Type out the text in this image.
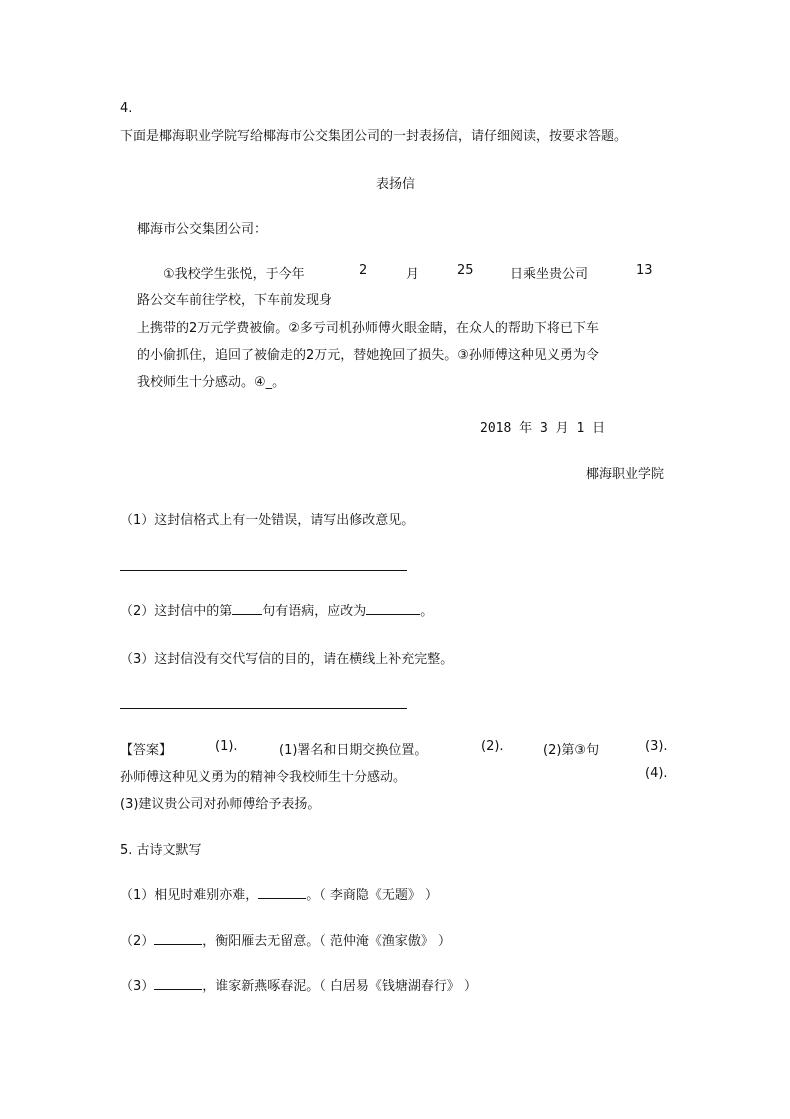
4.
下面是椰海职业学院写给椰海市公交集团公司的一封表扬信，请仔细阅读，按要求答题。
表扬信
椰海市公交集团公司：
①我校学生张悦，于今年	2	月	25	日乘坐贵公司	13
路公交车前往学校，下车前发现身
上携带的2万元学费被偷。②多亏司机孙师傅火眼金睛，在众人的帮助下将已下车
的小偷抓住，追回了被偷走的2万元，替她挽回了损失。③孙师傅这种见义勇为令
我校师生十分感动。④_。
2018 年 3 月 1 日
椰海职业学院
（1）这封信格式上有一处错误，请写出修改意见。
（2）这封信中的第 句有语病，应改为	。
（3）这封信没有交代写信的目的，请在横线上补充完整。
【答案】	(1).	(1)署名和日期交换位置。	(2).	(2)第③句	(3).
孙师傅这种见义勇为的精神令我校师生十分感动。	(4).
(3)建议贵公司对孙师傅给予表扬。
5. 古诗文默写
（1）相见时难别亦难，	。（ 李商隐《无题》 ）
（2）	，衡阳雁去无留意。（ 范仲淹《渔家傲》 ）
（3）	，谁家新燕啄春泥。（ 白居易《钱塘湖春行》 ）
